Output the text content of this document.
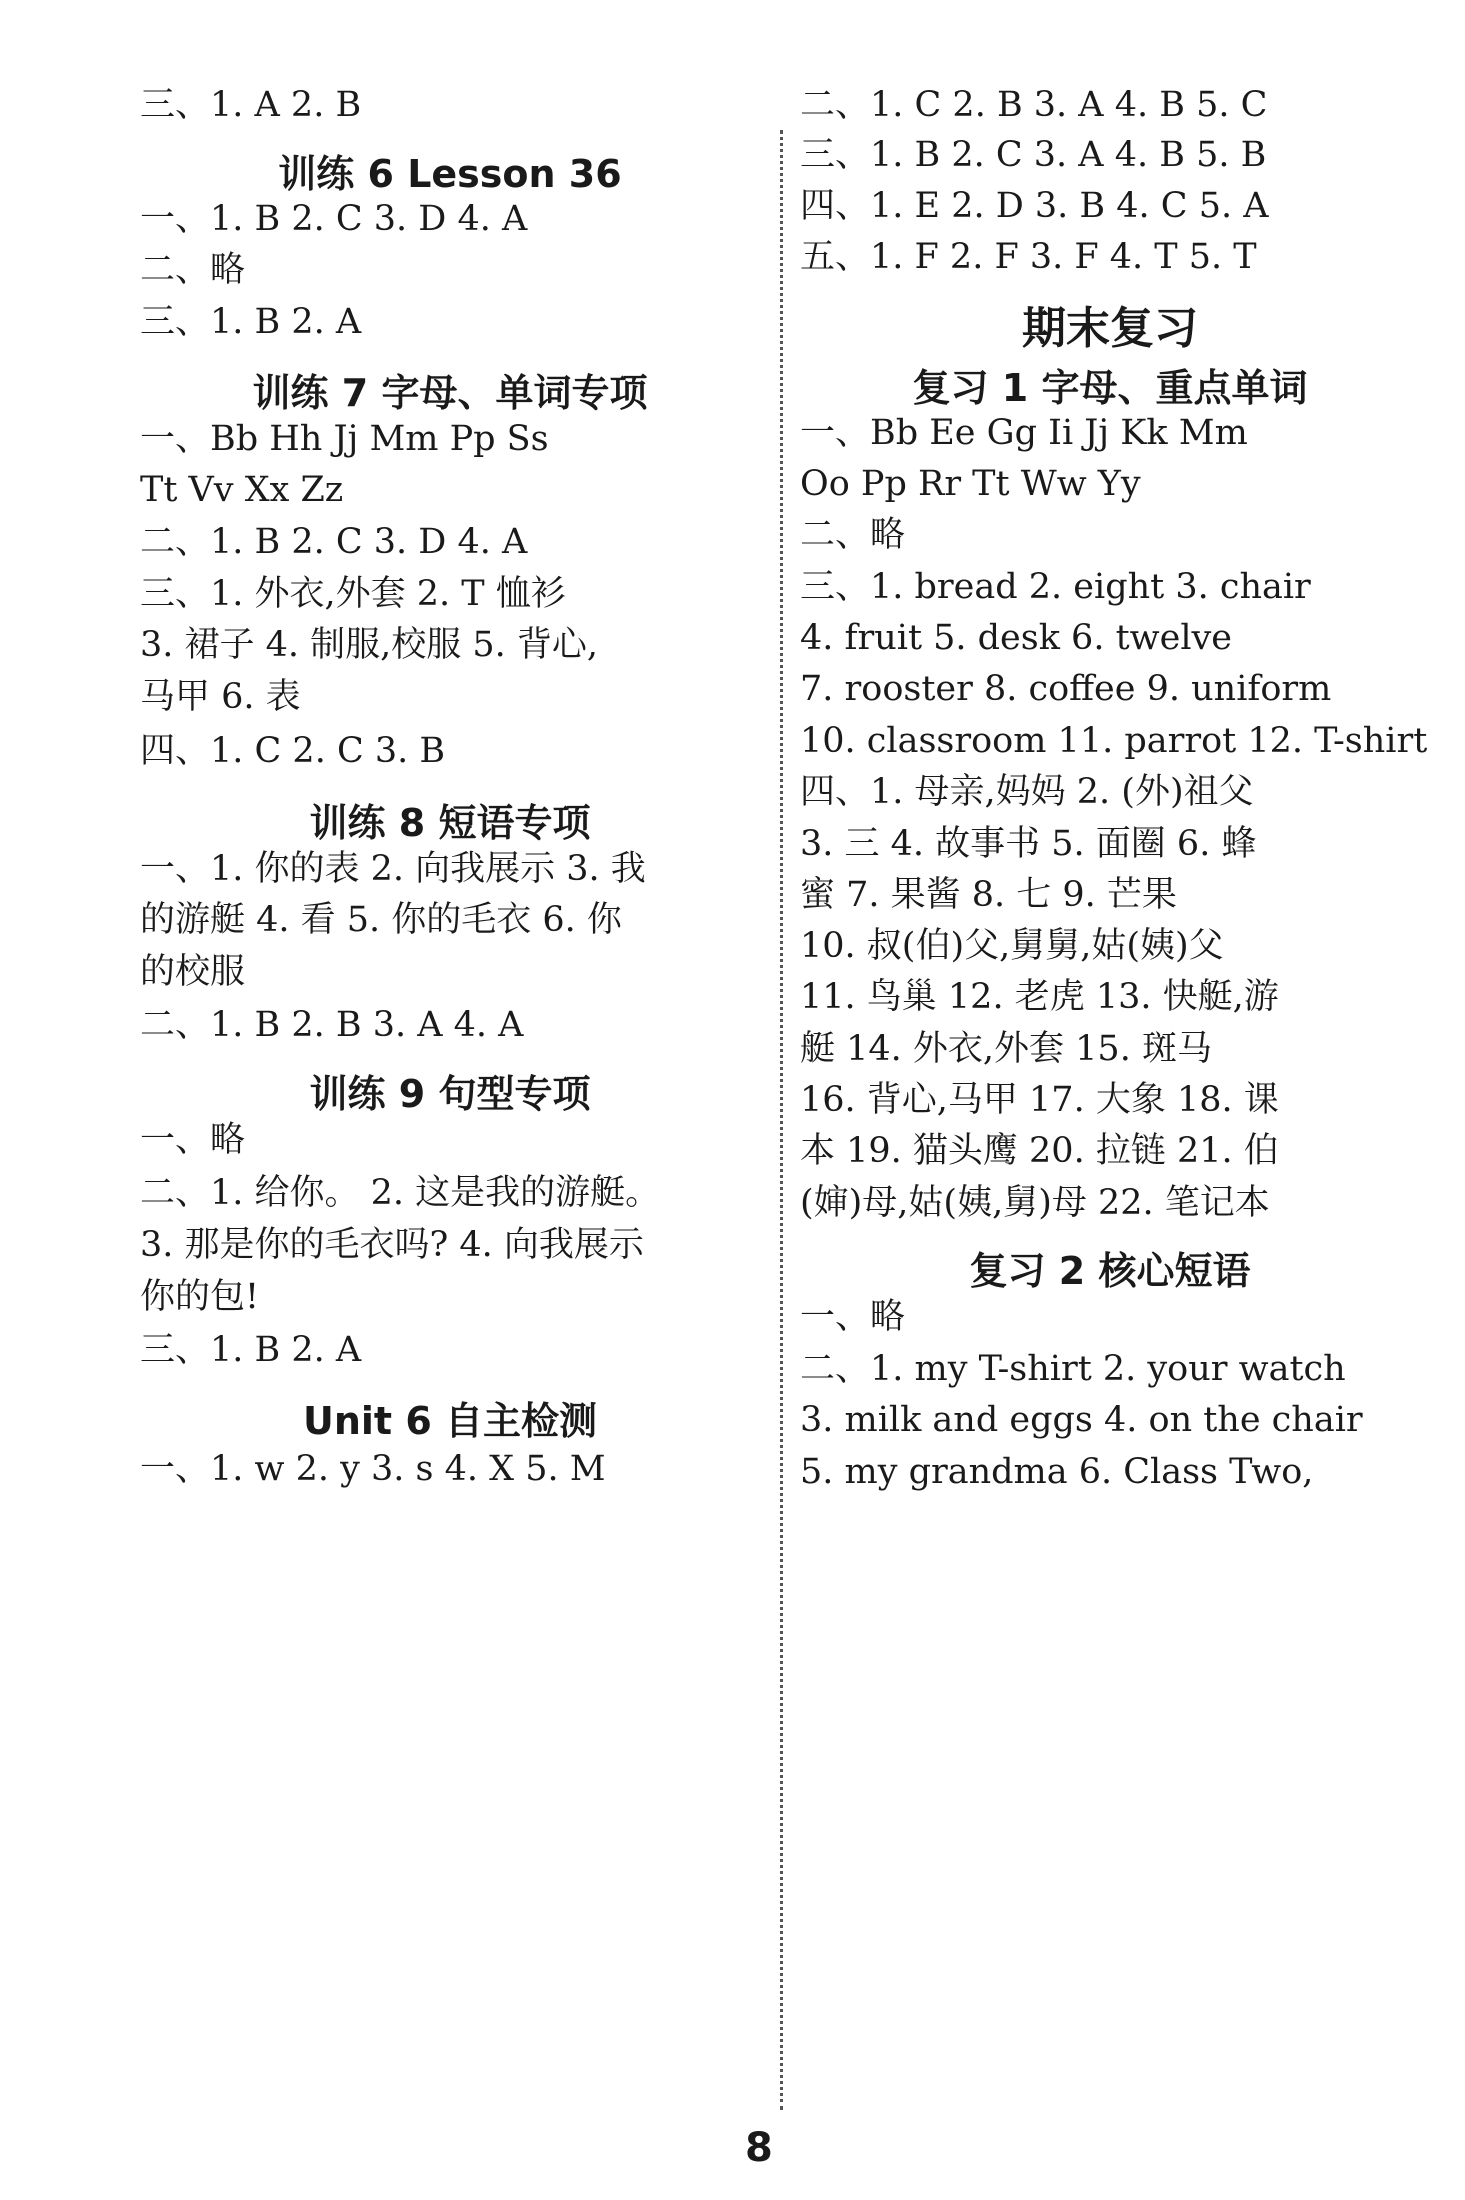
三、1. A 2. B
训练 6 Lesson 36
一、1. B 2. C 3. D 4. A
二、略
三、1. B 2. A
训练 7 字母、单词专项
一、Bb Hh Jj Mm Pp Ss
Tt Vv Xx Zz
二、1. B 2. C 3. D 4. A
三、1. 外衣,外套 2. T 恤衫
3. 裙子 4. 制服,校服 5. 背心,
马甲 6. 表
四、1. C 2. C 3. B
训练 8 短语专项
一、1. 你的表 2. 向我展示 3. 我
的游艇 4. 看 5. 你的毛衣 6. 你
的校服
二、1. B 2. B 3. A 4. A
训练 9 句型专项
一、略
二、1. 给你。 2. 这是我的游艇。
3. 那是你的毛衣吗? 4. 向我展示
你的包!
三、1. B 2. A
Unit 6 自主检测
一、1. w 2. y 3. s 4. X 5. M
二、1. C 2. B 3. A 4. B 5. C
三、1. B 2. C 3. A 4. B 5. B
四、1. E 2. D 3. B 4. C 5. A
五、1. F 2. F 3. F 4. T 5. T
期末复习
复习 1 字母、重点单词
一、Bb Ee Gg Ii Jj Kk Mm
Oo Pp Rr Tt Ww Yy
二、略
三、1. bread 2. eight 3. chair
4. fruit 5. desk 6. twelve
7. rooster 8. coffee 9. uniform
10. classroom 11. parrot 12. T-shirt
四、1. 母亲,妈妈 2. (外)祖父
3. 三 4. 故事书 5. 面圈 6. 蜂
蜜 7. 果酱 8. 七 9. 芒果
10. 叔(伯)父,舅舅,姑(姨)父
11. 鸟巢 12. 老虎 13. 快艇,游
艇 14. 外衣,外套 15. 斑马
16. 背心,马甲 17. 大象 18. 课
本 19. 猫头鹰 20. 拉链 21. 伯
(婶)母,姑(姨,舅)母 22. 笔记本
复习 2 核心短语
一、略
二、1. my T-shirt 2. your watch
3. milk and eggs 4. on the chair
5. my grandma 6. Class Two,
8
